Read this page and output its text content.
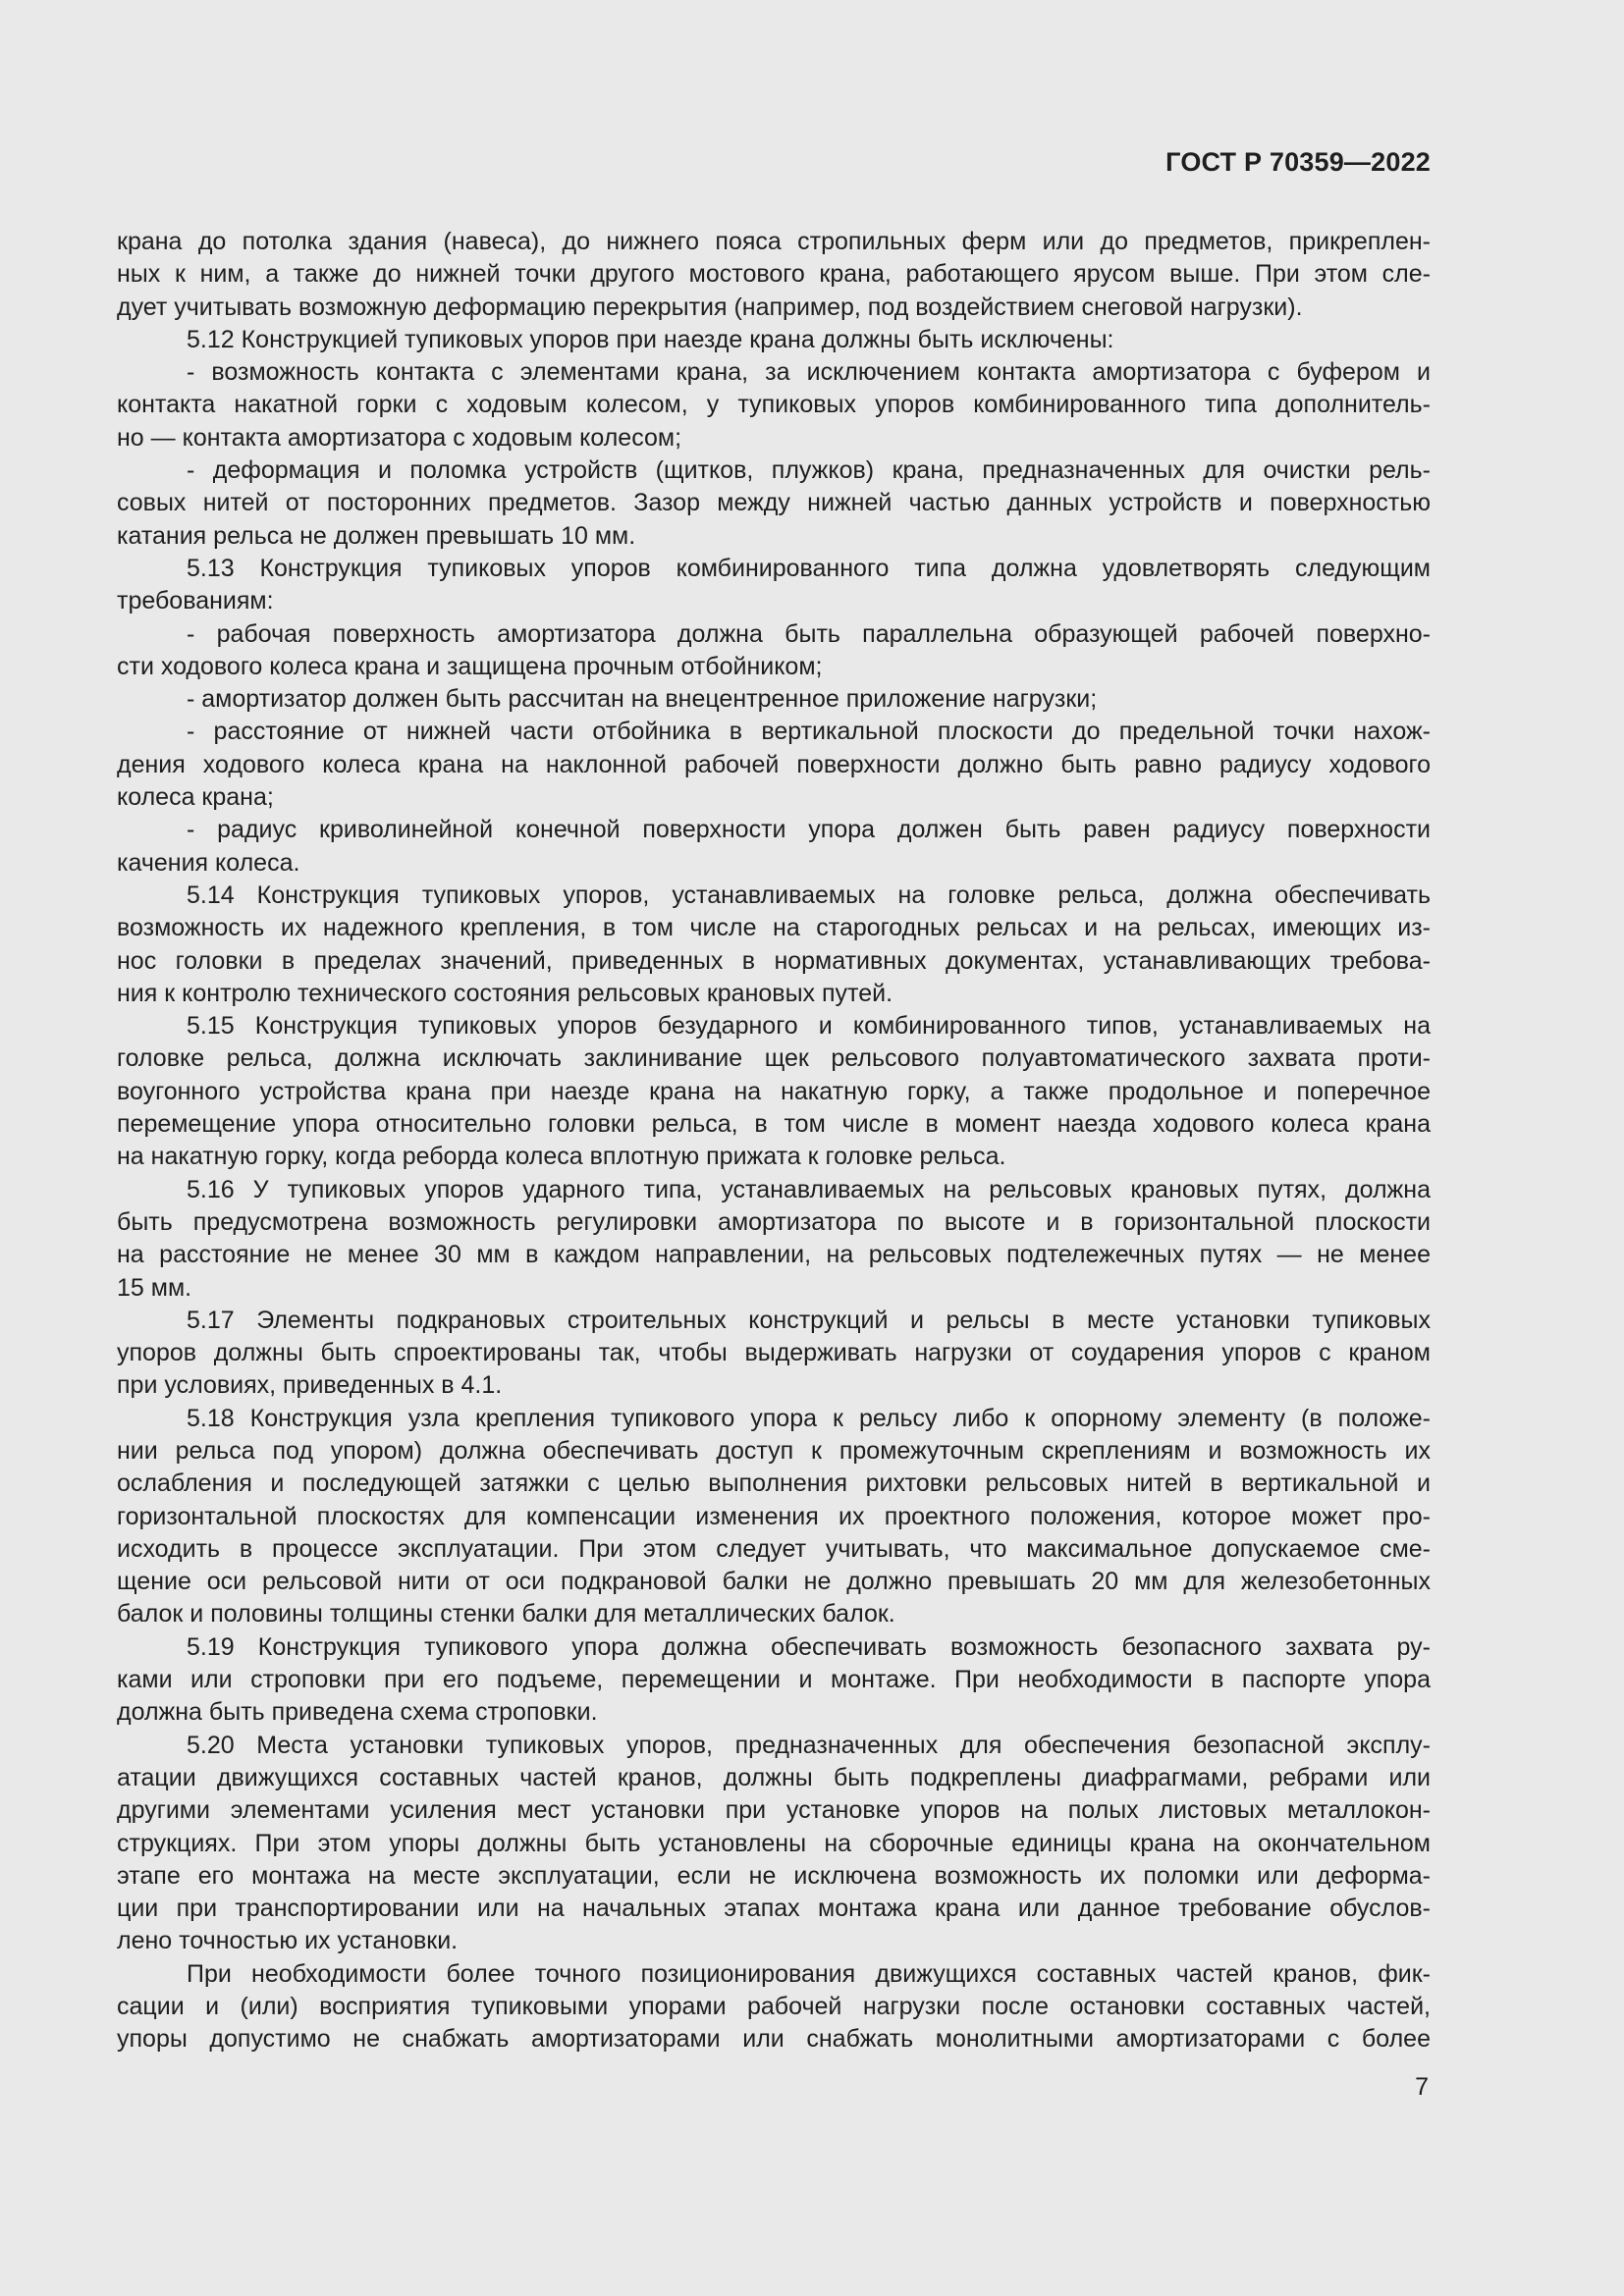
ГОСТ Р 70359—2022

крана до потолка здания (навеса), до нижнего пояса стропильных ферм или до предметов, прикреплен-

ных к ним, а также до нижней точки другого мостового крана, работающего ярусом выше. При этом сле-

дует учитывать возможную деформацию перекрытия (например, под воздействием снеговой нагрузки).

5.12 Конструкцией тупиковых упоров при наезде крана должны быть исключены:

- возможность контакта с элементами крана, за исключением контакта амортизатора с буфером и

контакта накатной горки с ходовым колесом, у тупиковых упоров комбинированного типа дополнитель-

но — контакта амортизатора с ходовым колесом;

- деформация и поломка устройств (щитков, плужков) крана, предназначенных для очистки рель-

совых нитей от посторонних предметов. Зазор между нижней частью данных устройств и поверхностью

катания рельса не должен превышать 10 мм.

5.13 Конструкция тупиковых упоров комбинированного типа должна удовлетворять следующим

требованиям:

- рабочая поверхность амортизатора должна быть параллельна образующей рабочей поверхно-

сти ходового колеса крана и защищена прочным отбойником;

- амортизатор должен быть рассчитан на внецентренное приложение нагрузки;

- расстояние от нижней части отбойника в вертикальной плоскости до предельной точки нахож-

дения ходового колеса крана на наклонной рабочей поверхности должно быть равно радиусу ходового

колеса крана;

- радиус криволинейной конечной поверхности упора должен быть равен радиусу поверхности

качения колеса.

5.14 Конструкция тупиковых упоров, устанавливаемых на головке рельса, должна обеспечивать

возможность их надежного крепления, в том числе на старогодных рельсах и на рельсах, имеющих из-

нос головки в пределах значений, приведенных в нормативных документах, устанавливающих требова-

ния к контролю технического состояния рельсовых крановых путей.

5.15 Конструкция тупиковых упоров безударного и комбинированного типов, устанавливаемых на

головке рельса, должна исключать заклинивание щек рельсового полуавтоматического захвата проти-

воугонного устройства крана при наезде крана на накатную горку, а также продольное и поперечное

перемещение упора относительно головки рельса, в том числе в момент наезда ходового колеса крана

на накатную горку, когда реборда колеса вплотную прижата к головке рельса.

5.16 У тупиковых упоров ударного типа, устанавливаемых на рельсовых крановых путях, должна

быть предусмотрена возможность регулировки амортизатора по высоте и в горизонтальной плоскости

на расстояние не менее 30 мм в каждом направлении, на рельсовых подтележечных путях — не менее

15 мм.

5.17 Элементы подкрановых строительных конструкций и рельсы в месте установки тупиковых

упоров должны быть спроектированы так, чтобы выдерживать нагрузки от соударения упоров с краном

при условиях, приведенных в 4.1.

5.18 Конструкция узла крепления тупикового упора к рельсу либо к опорному элементу (в положе-

нии рельса под упором) должна обеспечивать доступ к промежуточным скреплениям и возможность их

ослабления и последующей затяжки с целью выполнения рихтовки рельсовых нитей в вертикальной и

горизонтальной плоскостях для компенсации изменения их проектного положения, которое может про-

исходить в процессе эксплуатации. При этом следует учитывать, что максимальное допускаемое сме-

щение оси рельсовой нити от оси подкрановой балки не должно превышать 20 мм для железобетонных

балок и половины толщины стенки балки для металлических балок.

5.19 Конструкция тупикового упора должна обеспечивать возможность безопасного захвата ру-

ками или строповки при его подъеме, перемещении и монтаже. При необходимости в паспорте упора

должна быть приведена схема строповки.

5.20 Места установки тупиковых упоров, предназначенных для обеспечения безопасной эксплу-

атации движущихся составных частей кранов, должны быть подкреплены диафрагмами, ребрами или

другими элементами усиления мест установки при установке упоров на полых листовых металлокон-

струкциях. При этом упоры должны быть установлены на сборочные единицы крана на окончательном

этапе его монтажа на месте эксплуатации, если не исключена возможность их поломки или деформа-

ции при транспортировании или на начальных этапах монтажа крана или данное требование обуслов-

лено точностью их установки.

При необходимости более точного позиционирования движущихся составных частей кранов, фик-

сации и (или) восприятия тупиковыми упорами рабочей нагрузки после остановки составных частей,

упоры допустимо не снабжать амортизаторами или снабжать монолитными амортизаторами с более

7
